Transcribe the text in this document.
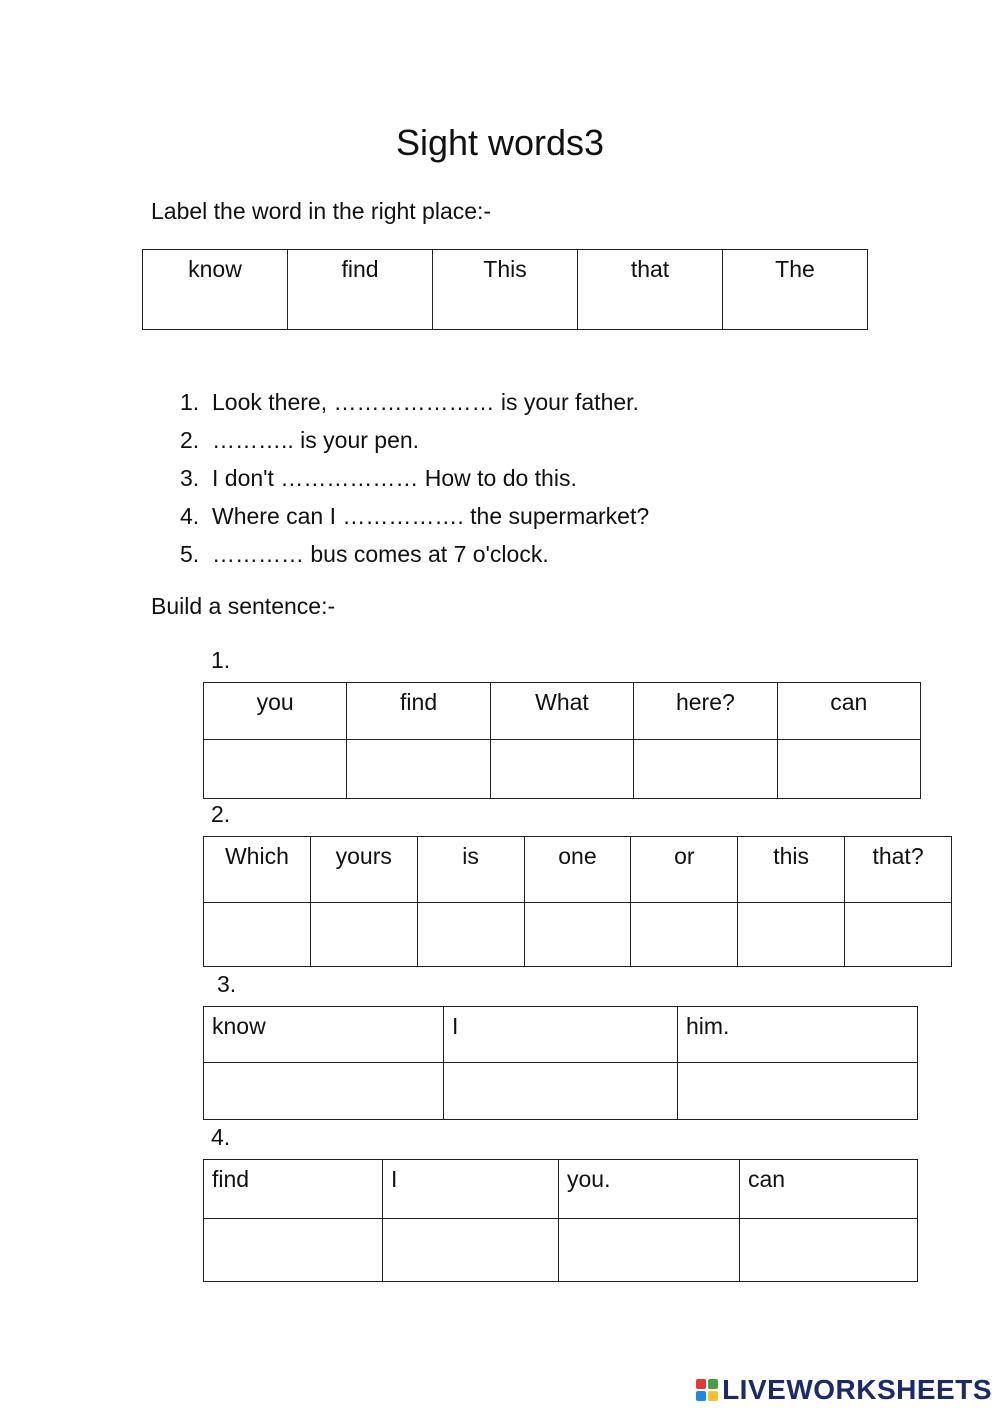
Sight words3
Label the word in the right place:-
know	find	This	that	The
1. Look there, ………………… is your father.
2. ……….. is your pen.
3. I don't ……………… How to do this.
4. Where can I ……………. the supermarket?
5. ………… bus comes at 7 o'clock.
Build a sentence:-
1.
you	find	What	here?	can

2.
Which	yours	is	one	or	this	that?

3.
know	I	him.

4.
find	I	you.	can

LIVEWORKSHEETS
